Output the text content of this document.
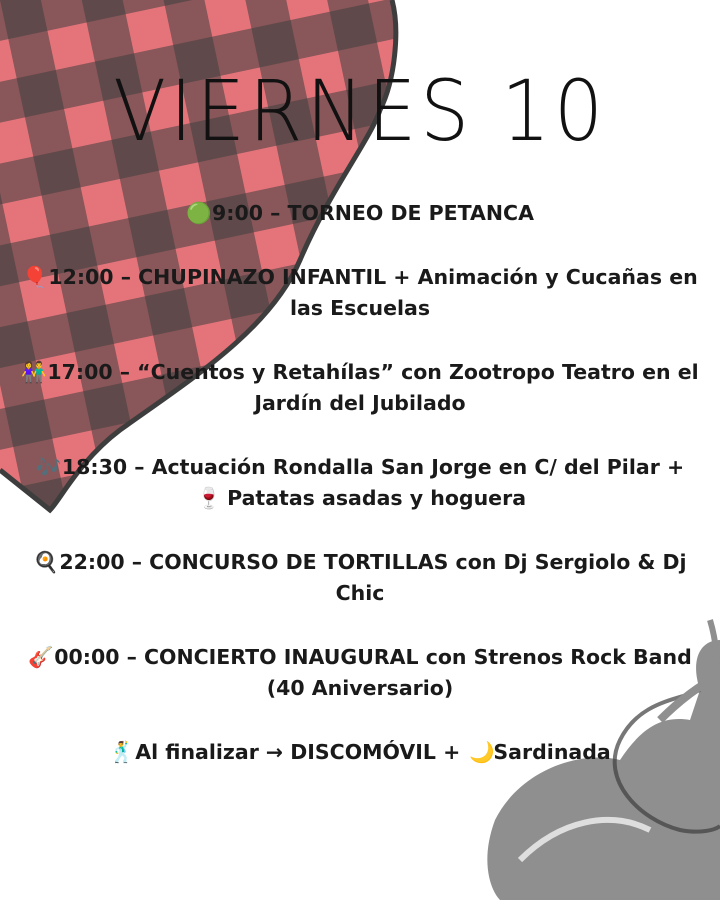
VIERNES 10
🟢9:00 – TORNEO DE PETANCA
🎈12:00 – CHUPINAZO INFANTIL + Animación y Cucañas en las Escuelas
👫17:00 – “Cuentos y Retahílas” con Zootropo Teatro en el Jardín del Jubilado
🎶18:30 – Actuación Rondalla San Jorge en C/ del Pilar + 🍷 Patatas asadas y hoguera
🍳22:00 – CONCURSO DE TORTILLAS con Dj Sergiolo & Dj Chic
🎸00:00 – CONCIERTO INAUGURAL con Strenos Rock Band (40 Aniversario)
🕺Al finalizar → DISCOMÓVIL + 🌙Sardinada
